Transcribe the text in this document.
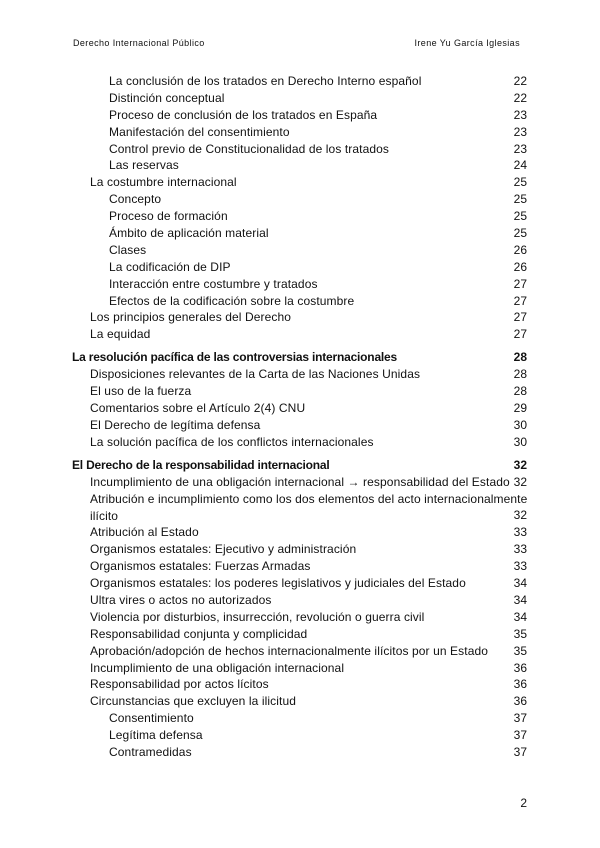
Derecho Internacional Público	Irene Yu García Iglesias
La conclusión de los tratados en Derecho Interno español	22
Distinción conceptual	22
Proceso de conclusión de los tratados en España	23
Manifestación del consentimiento	23
Control previo de Constitucionalidad de los tratados	23
Las reservas	24
La costumbre internacional	25
Concepto	25
Proceso de formación	25
Ámbito de aplicación material	25
Clases	26
La codificación de DIP	26
Interacción entre costumbre y tratados	27
Efectos de la codificación sobre la costumbre	27
Los principios generales del Derecho	27
La equidad	27
La resolución pacífica de las controversias internacionales	28
Disposiciones relevantes de la Carta de las Naciones Unidas	28
El uso de la fuerza	28
Comentarios sobre el Artículo 2(4) CNU	29
El Derecho de legítima defensa	30
La solución pacífica de los conflictos internacionales	30
El Derecho de la responsabilidad internacional	32
Incumplimiento de una obligación internacional → responsabilidad del Estado 32
Atribución e incumplimiento como los dos elementos del acto internacionalmente ilícito	32
Atribución al Estado	33
Organismos estatales: Ejecutivo y administración	33
Organismos estatales: Fuerzas Armadas	33
Organismos estatales: los poderes legislativos y judiciales del Estado	34
Ultra vires o actos no autorizados	34
Violencia por disturbios, insurrección, revolución o guerra civil	34
Responsabilidad conjunta y complicidad	35
Aprobación/adopción de hechos internacionalmente ilícitos por un Estado 35
Incumplimiento de una obligación internacional	36
Responsabilidad por actos lícitos	36
Circunstancias que excluyen la ilicitud	36
Consentimiento	37
Legítima defensa	37
Contramedidas	37
2
